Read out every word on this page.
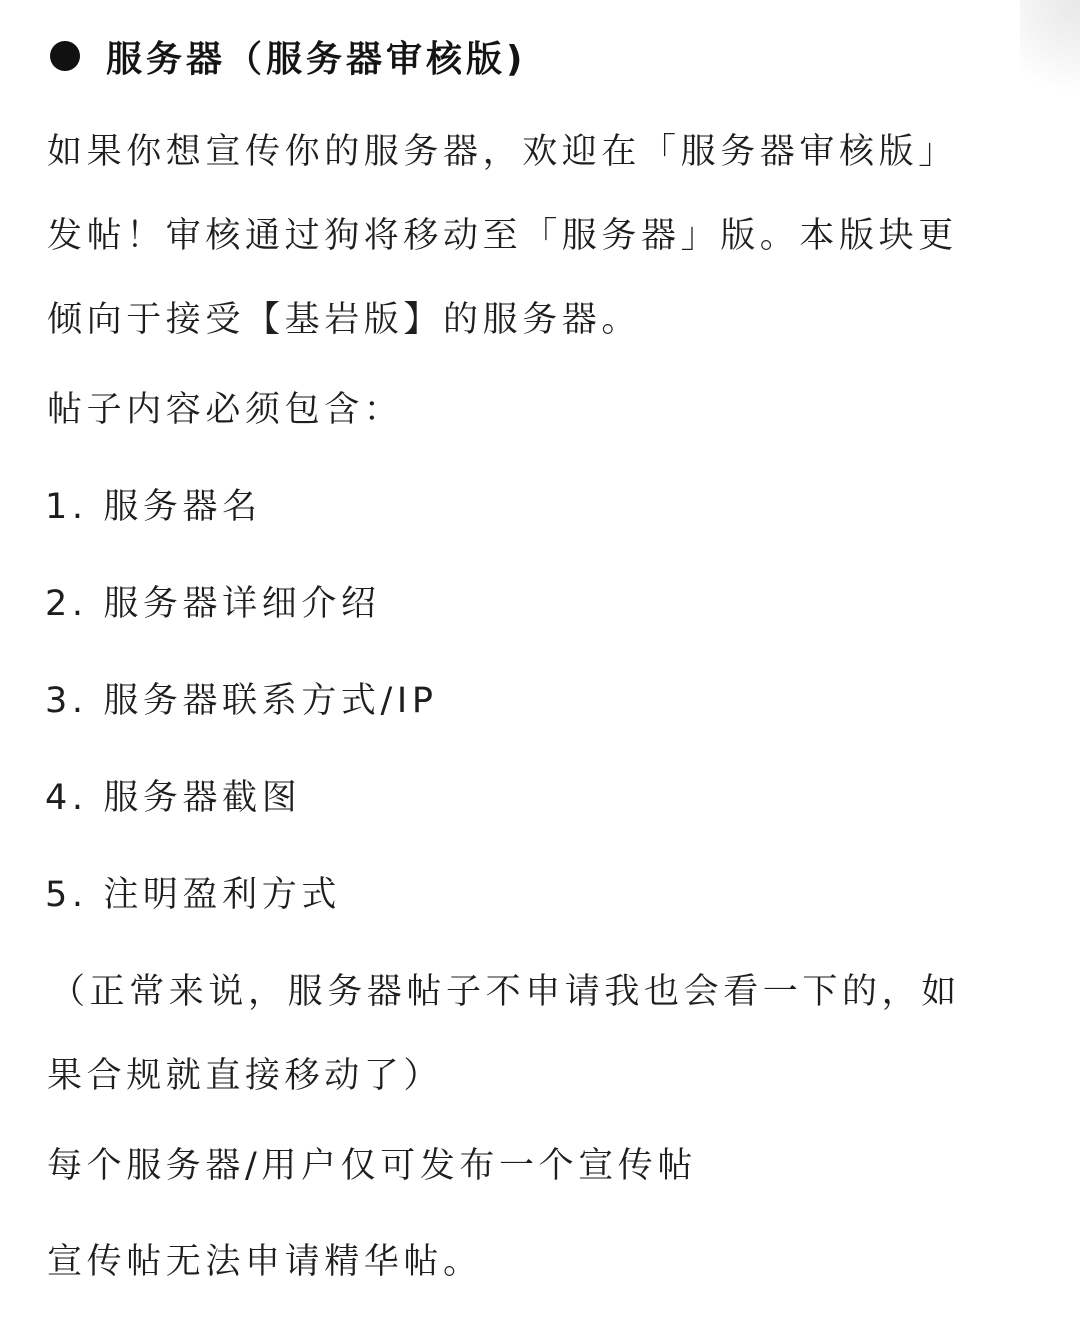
服务器（服务器审核版)
如果你想宣传你的服务器，欢迎在「服务器审核版」
发帖！审核通过狗将移动至「服务器」版。本版块更
倾向于接受【基岩版】的服务器。
帖子内容必须包含：
1. 服务器名
2. 服务器详细介绍
3. 服务器联系方式/IP
4. 服务器截图
5. 注明盈利方式
（正常来说，服务器帖子不申请我也会看一下的，如
果合规就直接移动了）
每个服务器/用户仅可发布一个宣传帖
宣传帖无法申请精华帖。
